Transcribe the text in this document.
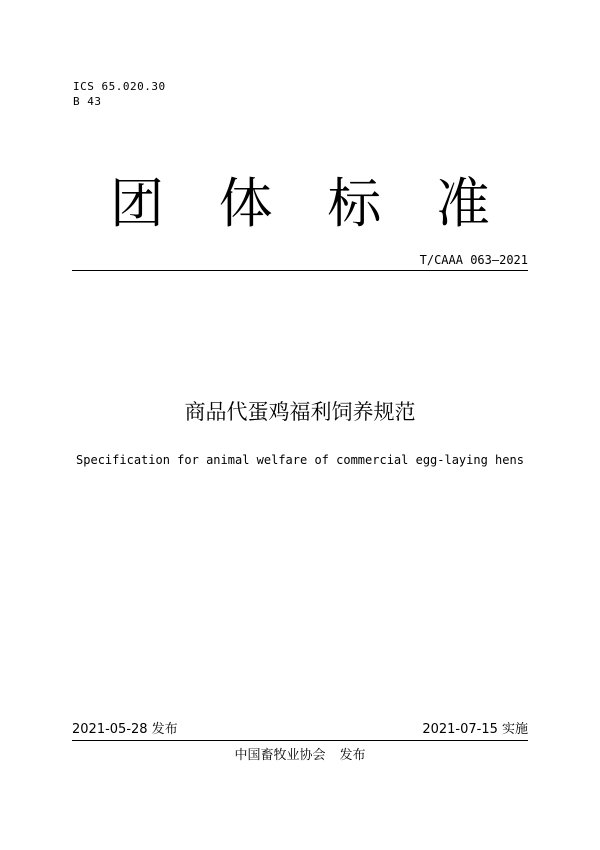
ICS 65.020.30
B 43
团 体 标 准
T/CAAA 063—2021
商品代蛋鸡福利饲养规范
Specification for animal welfare of commercial egg-laying hens
2021-05-28 发布	2021-07-15 实施
中国畜牧业协会 发布
